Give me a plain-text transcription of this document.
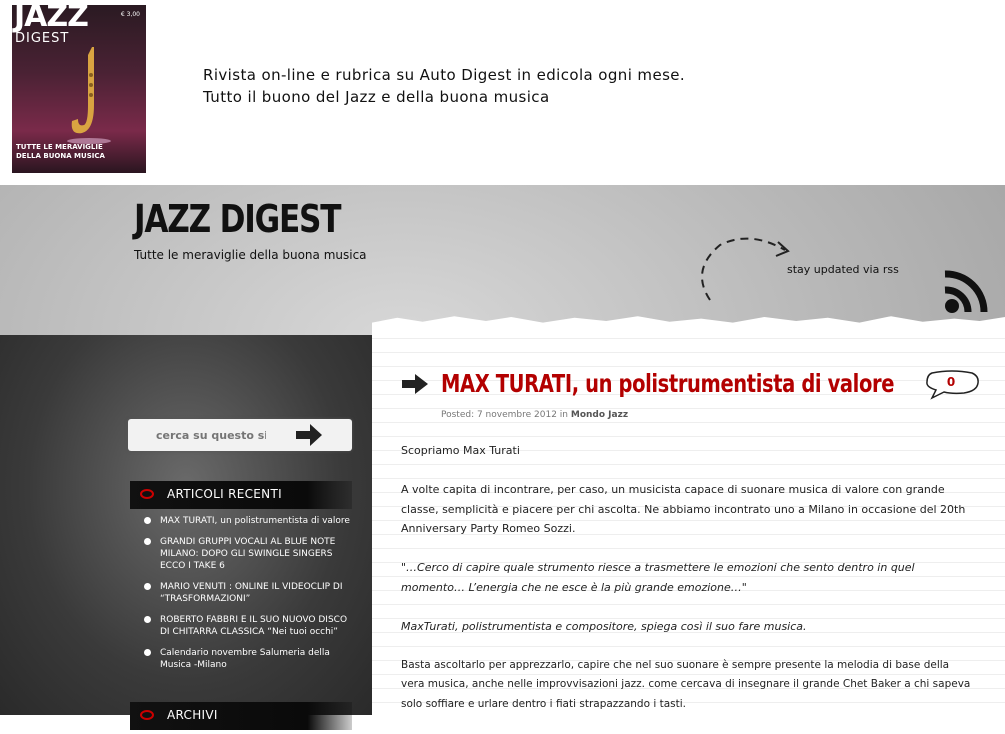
JAZZ
DIGEST
€ 3,00
TUTTE LE MERAVIGLIE
DELLA BUONA MUSICA
Rivista on-line e rubrica su Auto Digest in edicola ogni mese.
Tutto il buono del Jazz e della buona musica
JAZZ DIGEST
Tutte le meraviglie della buona musica
stay updated via rss
cerca su questo sito
ARTICOLI RECENTI
MAX TURATI, un polistrumentista di valore
GRANDI GRUPPI VOCALI AL BLUE NOTE MILANO: DOPO GLI SWINGLE SINGERS ECCO I TAKE 6
MARIO VENUTI : ONLINE IL VIDEOCLIP DI “TRASFORMAZIONI”
ROBERTO FABBRI E IL SUO NUOVO DISCO DI CHITARRA CLASSICA “Nei tuoi occhi”
Calendario novembre Salumeria della Musica -Milano
ARCHIVI
MAX TURATI, un polistrumentista di valore	0
Posted: 7 novembre 2012 in Mondo Jazz

Scopriamo Max Turati

A volte capita di incontrare, per caso, un musicista capace di suonare musica di valore con grande classe, semplicità e piacere per chi ascolta. Ne abbiamo incontrato uno a Milano in occasione del 20th Anniversary Party Romeo Sozzi.

"…Cerco di capire quale strumento riesce a trasmettere le emozioni che sento dentro in quel momento… L’energia che ne esce è la più grande emozione…"

MaxTurati, polistrumentista e compositore, spiega così il suo fare musica.

Basta ascoltarlo per apprezzarlo, capire che nel suo suonare è sempre presente la melodia di base della vera musica, anche nelle improvvisazioni jazz. come cercava di insegnare il grande Chet Baker a chi sapeva solo soffiare e urlare dentro i fiati strapazzando i tasti.
